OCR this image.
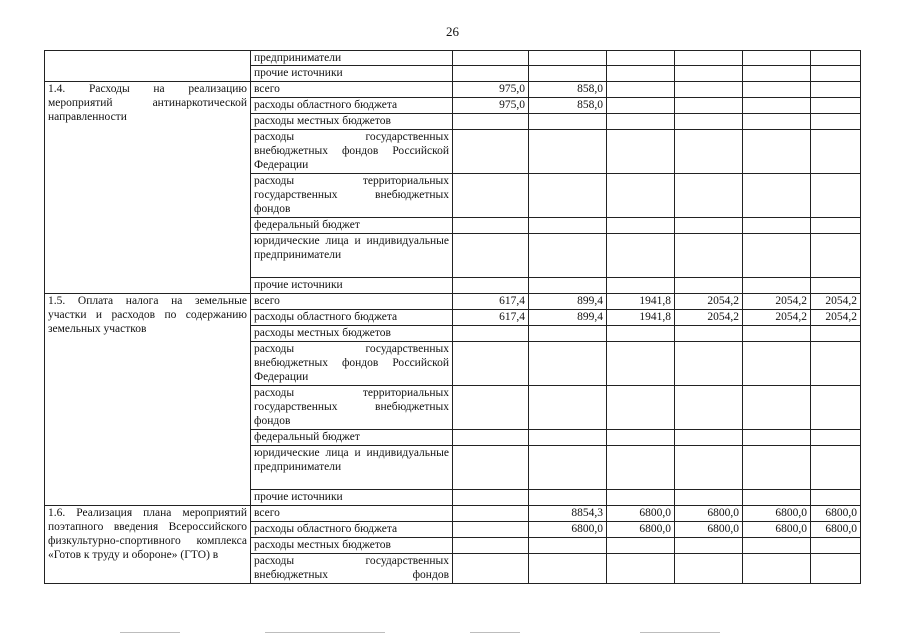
26
	предприниматели						
	прочие источники						
1.4. Расходы на реализацию мероприятий антинаркотической направленности	всего	975,0	858,0				
	расходы областного бюджета	975,0	858,0				
	расходы местных бюджетов						
	расходы государственных внебюджетных фондов Российской Федерации						
	расходы территориальных государственных внебюджетных фондов						
	федеральный бюджет						
	юридические лица и индивидуальные предприниматели						
	прочие источники						
1.5. Оплата налога на земельные участки и расходов по содержанию земельных участков	всего	617,4	899,4	1941,8	2054,2	2054,2	2054,2
	расходы областного бюджета	617,4	899,4	1941,8	2054,2	2054,2	2054,2
	расходы местных бюджетов						
	расходы государственных внебюджетных фондов Российской Федерации						
	расходы территориальных государственных внебюджетных фондов						
	федеральный бюджет						
	юридические лица и индивидуальные предприниматели						
	прочие источники						
1.6. Реализация плана мероприятий поэтапного введения Всероссийского физкультурно-спортивного комплекса «Готов к труду и обороне» (ГТО) в	всего		8854,3	6800,0	6800,0	6800,0	6800,0
	расходы областного бюджета		6800,0	6800,0	6800,0	6800,0	6800,0
	расходы местных бюджетов						
	расходы государственных внебюджетных фондов						
